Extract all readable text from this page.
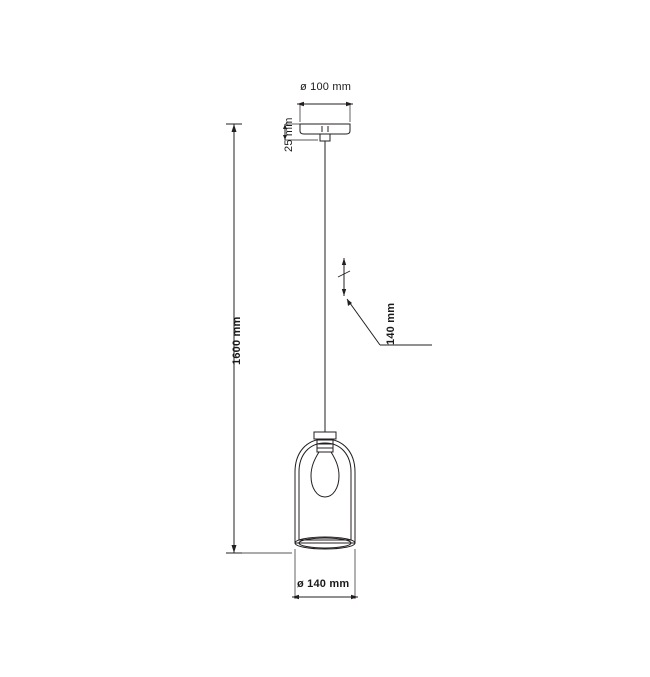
ø 100 mm
25 mm
1600 mm	140 mm
ø 140 mm
